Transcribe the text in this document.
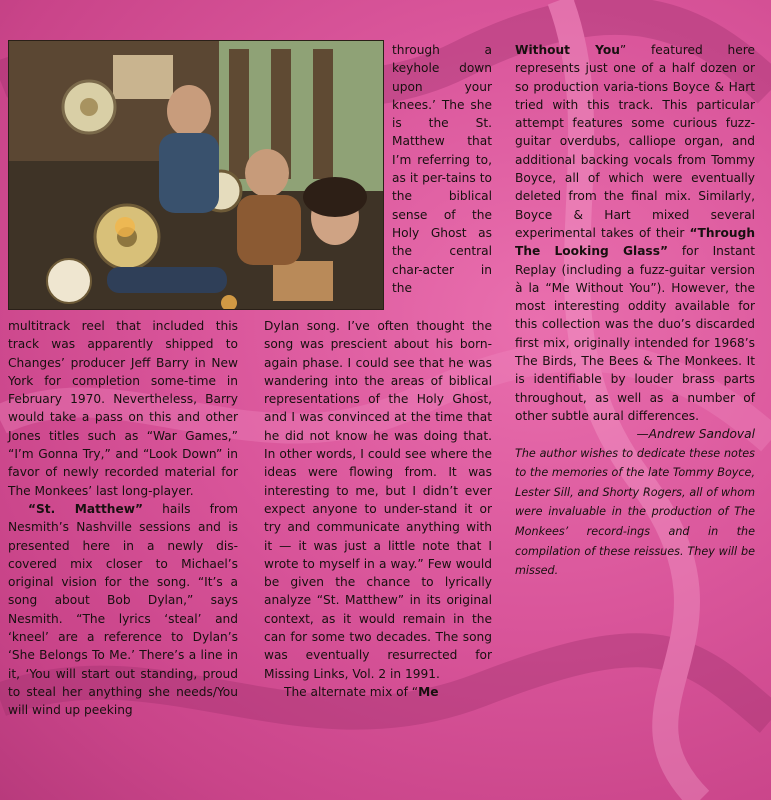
multitrack reel that included this track was apparently shipped to Changes’ producer Jeff Barry in New York for completion some-time in February 1970. Nevertheless, Barry would take a pass on this and other Jones titles such as “War Games,” “I’m Gonna Try,” and “Look Down” in favor of newly recorded material for The Monkees’ last long-player.

“St. Matthew” hails from Nesmith’s Nashville sessions and is presented here in a newly dis-covered mix closer to Michael’s original vision for the song. “It’s a song about Bob Dylan,” says Nesmith. “The lyrics ‘steal’ and ‘kneel’ are a reference to Dylan’s ‘She Belongs To Me.’ There’s a line in it, ‘You will start out standing, proud to steal her anything she needs/You will wind up peeking

through a keyhole down upon your knees.’ The she is the St. Matthew that I’m referring to, as it per-tains to the biblical sense of the Holy Ghost as the central char-acter in the

Dylan song. I’ve often thought the song was prescient about his born-again phase. I could see that he was wandering into the areas of biblical representations of the Holy Ghost, and I was convinced at the time that he did not know he was doing that. In other words, I could see where the ideas were flowing from. It was interesting to me, but I didn’t ever expect anyone to under-stand it or try and communicate anything with it — it was just a little note that I wrote to myself in a way.” Few would be given the chance to lyrically analyze “St. Matthew” in its original context, as it would remain in the can for some two decades. The song was eventually resurrected for Missing Links, Vol. 2 in 1991.

The alternate mix of “Me

Without You” featured here represents just one of a half dozen or so production varia-tions Boyce & Hart tried with this track. This particular attempt features some curious fuzz-guitar overdubs, calliope organ, and additional backing vocals from Tommy Boyce, all of which were eventually deleted from the final mix. Similarly, Boyce & Hart mixed several experimental takes of their “Through The Looking Glass” for Instant Replay (including a fuzz-guitar version à la “Me Without You”). However, the most interesting oddity available for this collection was the duo’s discarded first mix, originally intended for 1968’s The Birds, The Bees & The Monkees. It is identifiable by louder brass parts throughout, as well as a number of other subtle aural differences.

—Andrew Sandoval

The author wishes to dedicate these notes to the memories of the late Tommy Boyce, Lester Sill, and Shorty Rogers, all of whom were invaluable in the production of The Monkees’ record-ings and in the compilation of these reissues. They will be missed.
